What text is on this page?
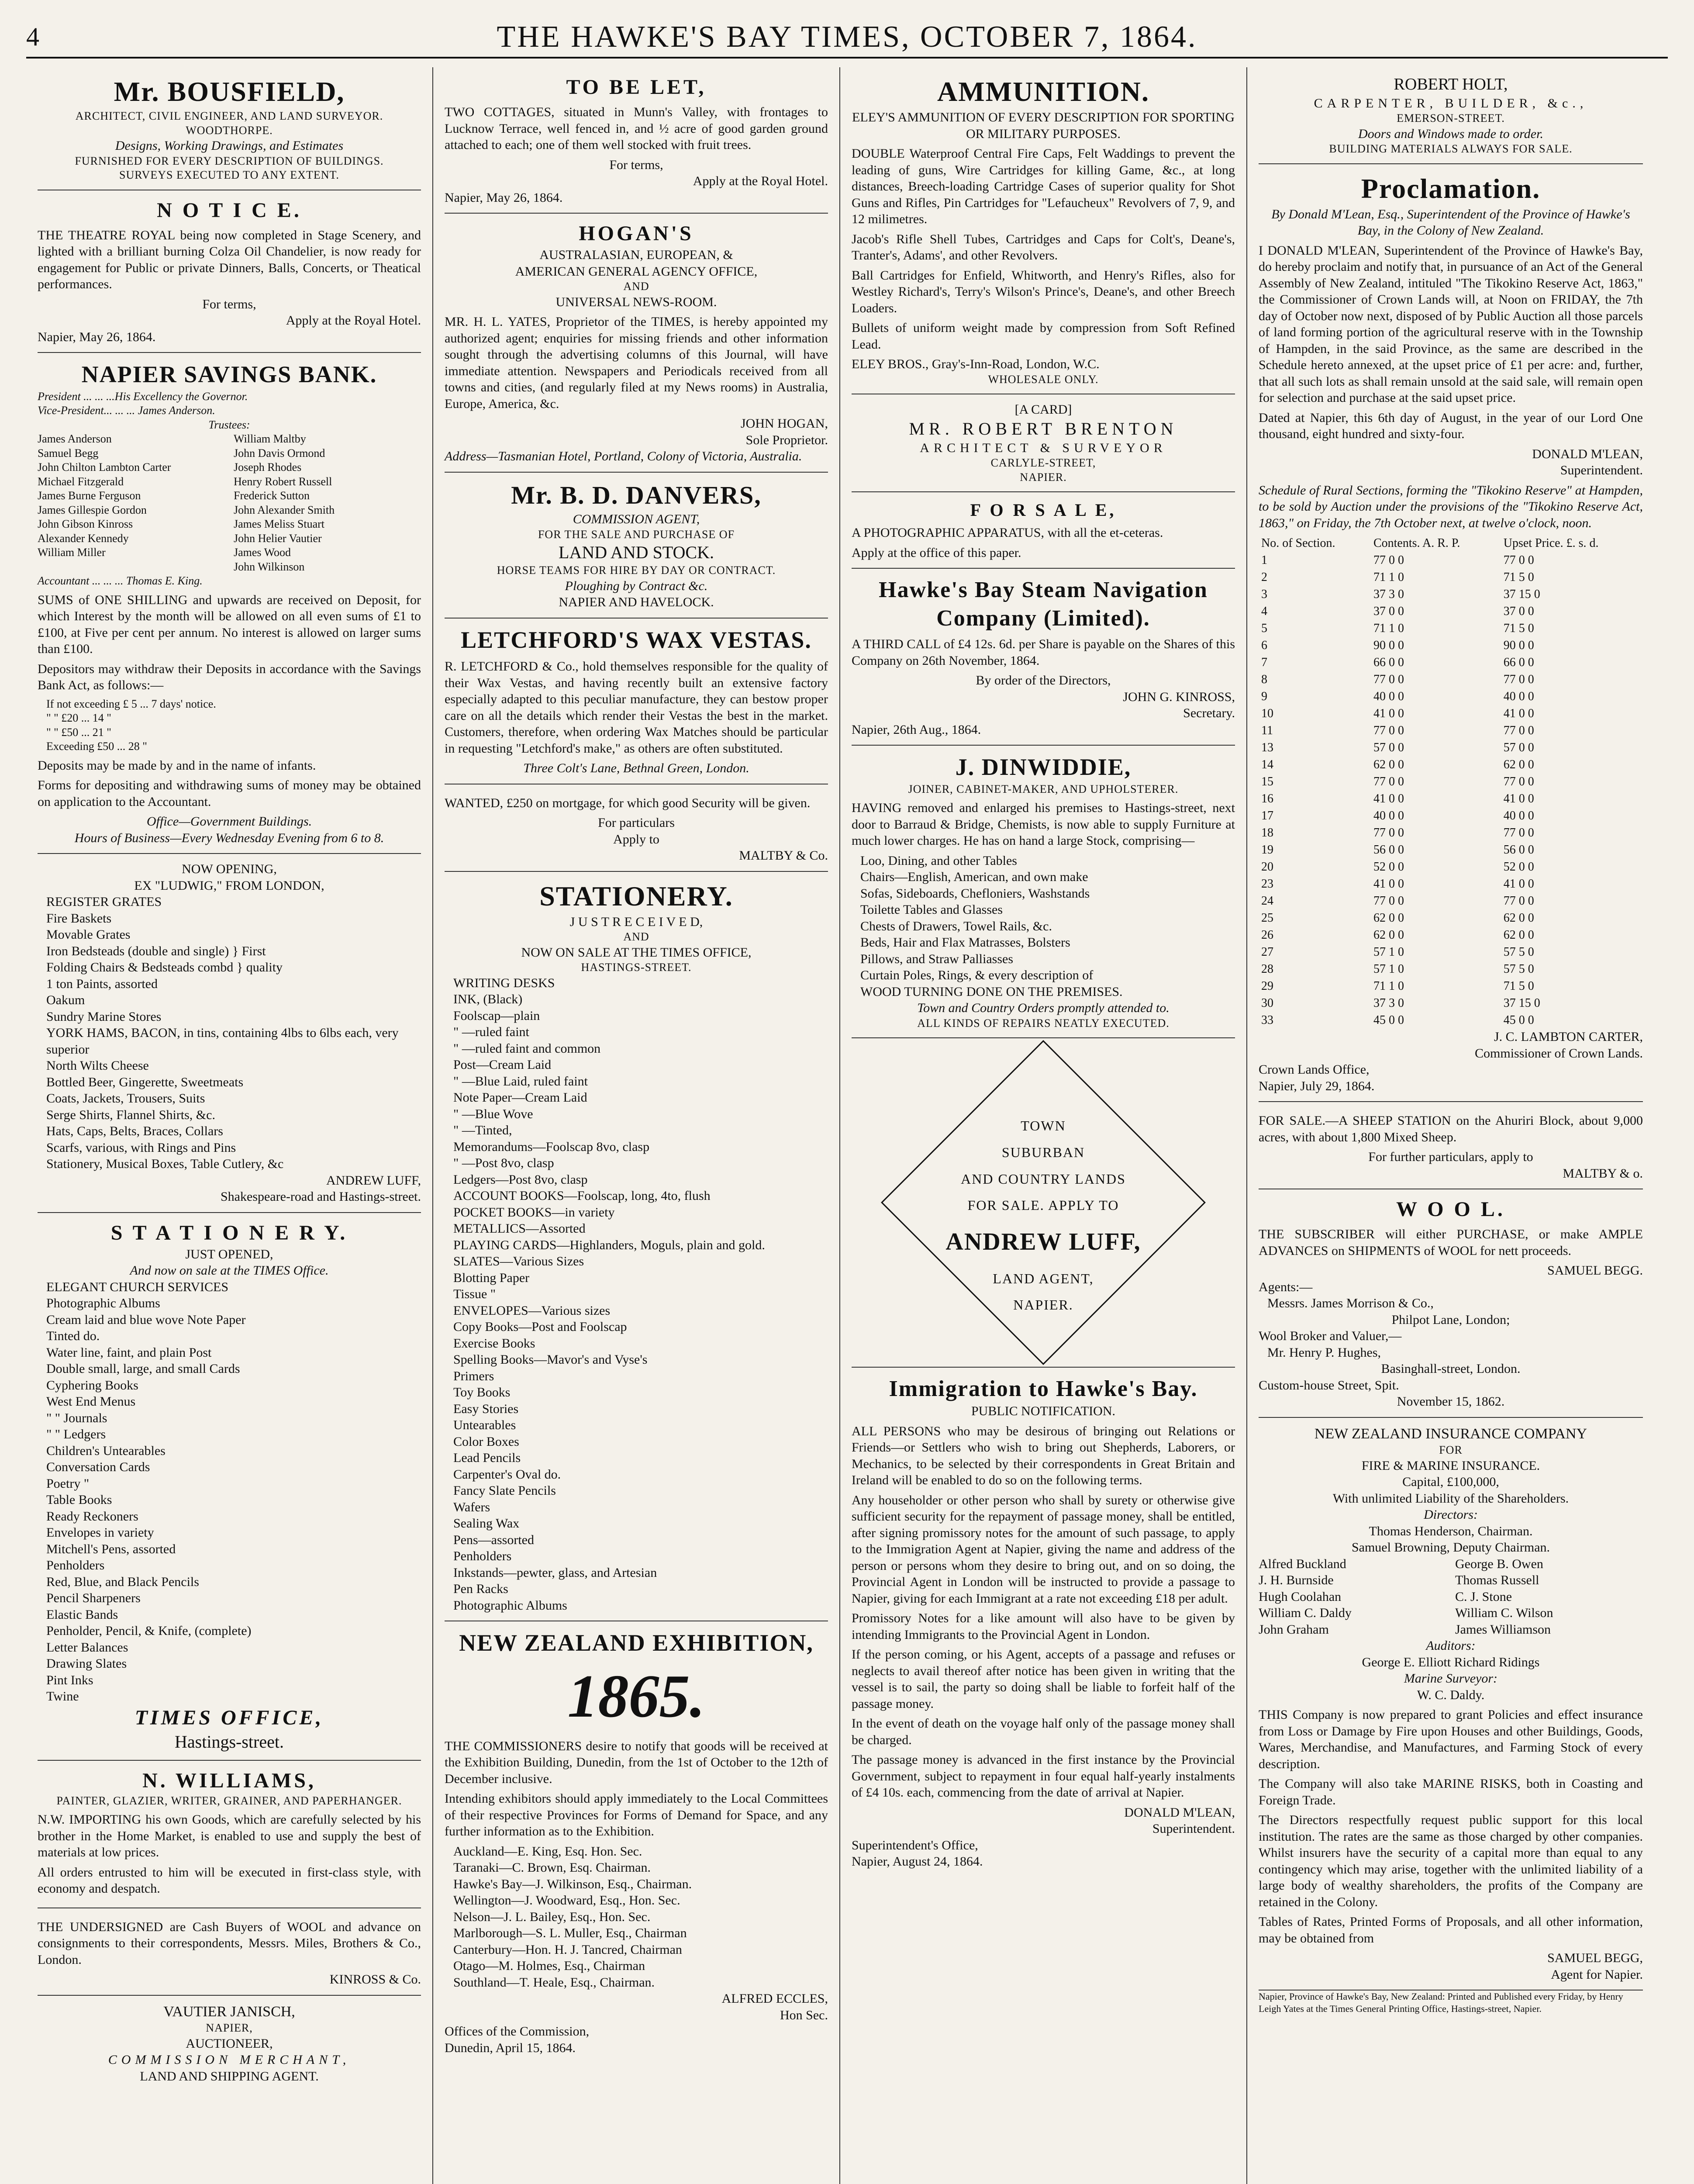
4	THE HAWKE'S BAY TIMES, OCTOBER 7, 1864.
Mr. BOUSFIELD,
ARCHITECT, CIVIL ENGINEER, AND LAND SURVEYOR.
WOODTHORPE.
Designs, Working Drawings, and Estimates
FURNISHED FOR EVERY DESCRIPTION OF BUILDINGS.
SURVEYS EXECUTED TO ANY EXTENT.
N O T I C E.

THE THEATRE ROYAL being now completed in Stage Scenery, and lighted with a brilliant burning Colza Oil Chandelier, is now ready for engagement for Public or private Dinners, Balls, Concerts, or Theatical performances.

For terms,
Apply at the Royal Hotel.
Napier, May 26, 1864.
NAPIER SAVINGS BANK.
President ... ... ...His Excellency the Governor.
Vice-President... ... ... James Anderson.
Trustees:
James Anderson
Samuel Begg
John Chilton Lambton Carter
Michael Fitzgerald
James Burne Ferguson
James Gillespie Gordon
John Gibson Kinross
Alexander Kennedy
William Miller
William Maltby
John Davis Ormond
Joseph Rhodes
Henry Robert Russell
Frederick Sutton
John Alexander Smith
James Meliss Stuart
John Helier Vautier
James Wood
John Wilkinson
Accountant ... ... ... Thomas E. King.

SUMS of ONE SHILLING and upwards are received on Deposit, for which Interest by the month will be allowed on all even sums of £1 to £100, at Five per cent per annum. No interest is allowed on larger sums than £100.

Depositors may withdraw their Deposits in accordance with the Savings Bank Act, as follows:—

If not exceeding £ 5 ... 7 days' notice.
" " £20 ... 14 "
" " £50 ... 21 "
Exceeding £50 ... 28 "

Deposits may be made by and in the name of infants.

Forms for depositing and withdrawing sums of money may be obtained on application to the Accountant.

Office—Government Buildings.
Hours of Business—Every Wednesday Evening from 6 to 8.
NOW OPENING,
EX "LUDWIG," FROM LONDON,
REGISTER GRATES
Fire Baskets
Movable Grates
Iron Bedsteads (double and single) } First
Folding Chairs & Bedsteads combd } quality
1 ton Paints, assorted
Oakum
Sundry Marine Stores
YORK HAMS, BACON, in tins, containing 4lbs to 6lbs each, very superior
North Wilts Cheese
Bottled Beer, Gingerette, Sweetmeats
Coats, Jackets, Trousers, Suits
Serge Shirts, Flannel Shirts, &c.
Hats, Caps, Belts, Braces, Collars
Scarfs, various, with Rings and Pins
Stationery, Musical Boxes, Table Cutlery, &c
ANDREW LUFF,
Shakespeare-road and Hastings-street.
S T A T I O N E R Y.
JUST OPENED,
And now on sale at the TIMES Office.
ELEGANT CHURCH SERVICES
Photographic Albums
Cream laid and blue wove Note Paper
Tinted do.
Water line, faint, and plain Post
Double small, large, and small Cards
Cyphering Books
West End Menus
" " Journals
" " Ledgers
Children's Untearables
Conversation Cards
Poetry "
Table Books
Ready Reckoners
Envelopes in variety
Mitchell's Pens, assorted
Penholders
Red, Blue, and Black Pencils
Pencil Sharpeners
Elastic Bands
Penholder, Pencil, & Knife, (complete)
Letter Balances
Drawing Slates
Pint Inks
Twine
TIMES OFFICE,
Hastings-street.
N. WILLIAMS,
PAINTER, GLAZIER, WRITER, GRAINER, AND PAPERHANGER.

N.W. IMPORTING his own Goods, which are carefully selected by his brother in the Home Market, is enabled to use and supply the best of materials at low prices.

All orders entrusted to him will be executed in first-class style, with economy and despatch.

THE UNDERSIGNED are Cash Buyers of WOOL and advance on consignments to their correspondents, Messrs. Miles, Brothers & Co., London.

KINROSS & Co.
VAUTIER JANISCH,
NAPIER,
AUCTIONEER,
COMMISSION MERCHANT,
LAND AND SHIPPING AGENT.
TO BE LET,

TWO COTTAGES, situated in Munn's Valley, with frontages to Lucknow Terrace, well fenced in, and ½ acre of good garden ground attached to each; one of them well stocked with fruit trees.

For terms,
Apply at the Royal Hotel.
Napier, May 26, 1864.
HOGAN'S
AUSTRALASIAN, EUROPEAN, &
AMERICAN GENERAL AGENCY OFFICE,
AND
UNIVERSAL NEWS-ROOM.

MR. H. L. YATES, Proprietor of the TIMES, is hereby appointed my authorized agent; enquiries for missing friends and other information sought through the advertising columns of this Journal, will have immediate attention. Newspapers and Periodicals received from all towns and cities, (and regularly filed at my News rooms) in Australia, Europe, America, &c.

JOHN HOGAN,
Sole Proprietor.
Address—Tasmanian Hotel, Portland, Colony of Victoria, Australia.
Mr. B. D. DANVERS,
COMMISSION AGENT,
FOR THE SALE AND PURCHASE OF
LAND AND STOCK.
HORSE TEAMS FOR HIRE BY DAY OR CONTRACT.
Ploughing by Contract &c.
NAPIER AND HAVELOCK.
LETCHFORD'S WAX VESTAS.

R. LETCHFORD & Co., hold themselves responsible for the quality of their Wax Vestas, and having recently built an extensive factory especially adapted to this peculiar manufacture, they can bestow proper care on all the details which render their Vestas the best in the market. Customers, therefore, when ordering Wax Matches should be particular in requesting "Letchford's make," as others are often substituted.

Three Colt's Lane, Bethnal Green, London.

WANTED, £250 on mortgage, for which good Security will be given.

For particulars
Apply to
MALTBY & Co.
STATIONERY.
J U S T R E C E I V E D,
AND
NOW ON SALE AT THE TIMES OFFICE,
HASTINGS-STREET.
WRITING DESKS
INK, (Black)
Foolscap—plain
" —ruled faint
" —ruled faint and common
Post—Cream Laid
" —Blue Laid, ruled faint
Note Paper—Cream Laid
" —Blue Wove
" —Tinted,
Memorandums—Foolscap 8vo, clasp
" —Post 8vo, clasp
Ledgers—Post 8vo, clasp
ACCOUNT BOOKS—Foolscap, long, 4to, flush
POCKET BOOKS—in variety
METALLICS—Assorted
PLAYING CARDS—Highlanders, Moguls, plain and gold.
SLATES—Various Sizes
Blotting Paper
Tissue "
ENVELOPES—Various sizes
Copy Books—Post and Foolscap
Exercise Books
Spelling Books—Mavor's and Vyse's
Primers
Toy Books
Easy Stories
Untearables
Color Boxes
Lead Pencils
Carpenter's Oval do.
Fancy Slate Pencils
Wafers
Sealing Wax
Pens—assorted
Penholders
Inkstands—pewter, glass, and Artesian
Pen Racks
Photographic Albums
NEW ZEALAND EXHIBITION,
1865.

THE COMMISSIONERS desire to notify that goods will be received at the Exhibition Building, Dunedin, from the 1st of October to the 12th of December inclusive.

Intending exhibitors should apply immediately to the Local Committees of their respective Provinces for Forms of Demand for Space, and any further information as to the Exhibition.

Auckland—E. King, Esq. Hon. Sec.
Taranaki—C. Brown, Esq. Chairman.
Hawke's Bay—J. Wilkinson, Esq., Chairman.
Wellington—J. Woodward, Esq., Hon. Sec.
Nelson—J. L. Bailey, Esq., Hon. Sec.
Marlborough—S. L. Muller, Esq., Chairman
Canterbury—Hon. H. J. Tancred, Chairman
Otago—M. Holmes, Esq., Chairman
Southland—T. Heale, Esq., Chairman.
ALFRED ECCLES,
Hon Sec.
Offices of the Commission,
Dunedin, April 15, 1864.
AMMUNITION.
ELEY'S AMMUNITION OF EVERY DESCRIPTION FOR SPORTING OR MILITARY PURPOSES.

DOUBLE Waterproof Central Fire Caps, Felt Waddings to prevent the leading of guns, Wire Cartridges for killing Game, &c., at long distances, Breech-loading Cartridge Cases of superior quality for Shot Guns and Rifles, Pin Cartridges for "Lefaucheux" Revolvers of 7, 9, and 12 milimetres.

Jacob's Rifle Shell Tubes, Cartridges and Caps for Colt's, Deane's, Tranter's, Adams', and other Revolvers.

Ball Cartridges for Enfield, Whitworth, and Henry's Rifles, also for Westley Richard's, Terry's Wilson's Prince's, Deane's, and other Breech Loaders.

Bullets of uniform weight made by compression from Soft Refined Lead.

ELEY BROS., Gray's-Inn-Road, London, W.C.
WHOLESALE ONLY.
[A CARD]
MR. ROBERT BRENTON
ARCHITECT & SURVEYOR
CARLYLE-STREET,
NAPIER.
F O R S A L E,

A PHOTOGRAPHIC APPARATUS, with all the et-ceteras.

Apply at the office of this paper.
Hawke's Bay Steam Navigation Company (Limited).

A THIRD CALL of £4 12s. 6d. per Share is payable on the Shares of this Company on 26th November, 1864.

By order of the Directors,
JOHN G. KINROSS,
Secretary.
Napier, 26th Aug., 1864.
J. DINWIDDIE,
JOINER, CABINET-MAKER, AND UPHOLSTERER.

HAVING removed and enlarged his premises to Hastings-street, next door to Barraud & Bridge, Chemists, is now able to supply Furniture at much lower charges. He has on hand a large Stock, comprising—

Loo, Dining, and other Tables
Chairs—English, American, and own make
Sofas, Sideboards, Chefloniers, Washstands
Toilette Tables and Glasses
Chests of Drawers, Towel Rails, &c.
Beds, Hair and Flax Matrasses, Bolsters
Pillows, and Straw Palliasses
Curtain Poles, Rings, & every description of
WOOD TURNING DONE ON THE PREMISES.
Town and Country Orders promptly attended to.
ALL KINDS OF REPAIRS NEATLY EXECUTED.
TOWN
SUBURBAN
AND COUNTRY LANDS
FOR SALE. APPLY TO
ANDREW LUFF,
LAND AGENT,
NAPIER.
Immigration to Hawke's Bay.
PUBLIC NOTIFICATION.

ALL PERSONS who may be desirous of bringing out Relations or Friends—or Settlers who wish to bring out Shepherds, Laborers, or Mechanics, to be selected by their correspondents in Great Britain and Ireland will be enabled to do so on the following terms.

Any householder or other person who shall by surety or otherwise give sufficient security for the repayment of passage money, shall be entitled, after signing promissory notes for the amount of such passage, to apply to the Immigration Agent at Napier, giving the name and address of the person or persons whom they desire to bring out, and on so doing, the Provincial Agent in London will be instructed to provide a passage to Napier, giving for each Immigrant at a rate not exceeding £18 per adult.

Promissory Notes for a like amount will also have to be given by intending Immigrants to the Provincial Agent in London.

If the person coming, or his Agent, accepts of a passage and refuses or neglects to avail thereof after notice has been given in writing that the vessel is to sail, the party so doing shall be liable to forfeit half of the passage money.

In the event of death on the voyage half only of the passage money shall be charged.

The passage money is advanced in the first instance by the Provincial Government, subject to repayment in four equal half-yearly instalments of £4 10s. each, commencing from the date of arrival at Napier.

DONALD M'LEAN,
Superintendent.
Superintendent's Office,
Napier, August 24, 1864.
ROBERT HOLT,
CARPENTER, BUILDER, &c.,
EMERSON-STREET.
Doors and Windows made to order.
BUILDING MATERIALS ALWAYS FOR SALE.
Proclamation.
By Donald M'Lean, Esq., Superintendent of the Province of Hawke's Bay, in the Colony of New Zealand.

I DONALD M'LEAN, Superintendent of the Province of Hawke's Bay, do hereby proclaim and notify that, in pursuance of an Act of the General Assembly of New Zealand, intituled "The Tikokino Reserve Act, 1863," the Commissioner of Crown Lands will, at Noon on FRIDAY, the 7th day of October now next, disposed of by Public Auction all those parcels of land forming portion of the agricultural reserve with in the Township of Hampden, in the said Province, as the same are described in the Schedule hereto annexed, at the upset price of £1 per acre: and, further, that all such lots as shall remain unsold at the said sale, will remain open for selection and purchase at the said upset price.

Dated at Napier, this 6th day of August, in the year of our Lord One thousand, eight hundred and sixty-four.

DONALD M'LEAN,
Superintendent.

Schedule of Rural Sections, forming the "Tikokino Reserve" at Hampden, to be sold by Auction under the provisions of the "Tikokino Reserve Act, 1863," on Friday, the 7th October next, at twelve o'clock, noon.

No. of Section.	Contents. A. R. P.	Upset Price. £. s. d.
1	77 0 0	77 0 0
2	71 1 0	71 5 0
3	37 3 0	37 15 0
4	37 0 0	37 0 0
5	71 1 0	71 5 0
6	90 0 0	90 0 0
7	66 0 0	66 0 0
8	77 0 0	77 0 0
9	40 0 0	40 0 0
10	41 0 0	41 0 0
11	77 0 0	77 0 0
13	57 0 0	57 0 0
14	62 0 0	62 0 0
15	77 0 0	77 0 0
16	41 0 0	41 0 0
17	40 0 0	40 0 0
18	77 0 0	77 0 0
19	56 0 0	56 0 0
20	52 0 0	52 0 0
23	41 0 0	41 0 0
24	77 0 0	77 0 0
25	62 0 0	62 0 0
26	62 0 0	62 0 0
27	57 1 0	57 5 0
28	57 1 0	57 5 0
29	71 1 0	71 5 0
30	37 3 0	37 15 0
33	45 0 0	45 0 0
J. C. LAMBTON CARTER,
Commissioner of Crown Lands.
Crown Lands Office,
Napier, July 29, 1864.

FOR SALE.—A SHEEP STATION on the Ahuriri Block, about 9,000 acres, with about 1,800 Mixed Sheep.

For further particulars, apply to
MALTBY & o.
W O O L.

THE SUBSCRIBER will either PURCHASE, or make AMPLE ADVANCES on SHIPMENTS of WOOL for nett proceeds.

SAMUEL BEGG.
Agents:—
Messrs. James Morrison & Co.,
Philpot Lane, London;
Wool Broker and Valuer,—
Mr. Henry P. Hughes,
Basinghall-street, London.
Custom-house Street, Spit.
November 15, 1862.
NEW ZEALAND INSURANCE COMPANY
FOR
FIRE & MARINE INSURANCE.
Capital, £100,000,
With unlimited Liability of the Shareholders.
Directors:
Thomas Henderson, Chairman.
Samuel Browning, Deputy Chairman.
Alfred Buckland
J. H. Burnside
Hugh Coolahan
William C. Daldy
John Graham
George B. Owen
Thomas Russell
C. J. Stone
William C. Wilson
James Williamson
Auditors:
George E. Elliott Richard Ridings
Marine Surveyor:
W. C. Daldy.

THIS Company is now prepared to grant Policies and effect insurance from Loss or Damage by Fire upon Houses and other Buildings, Goods, Wares, Merchandise, and Manufactures, and Farming Stock of every description.

The Company will also take MARINE RISKS, both in Coasting and Foreign Trade.

The Directors respectfully request public support for this local institution. The rates are the same as those charged by other companies. Whilst insurers have the security of a capital more than equal to any contingency which may arise, together with the unlimited liability of a large body of wealthy shareholders, the profits of the Company are retained in the Colony.

Tables of Rates, Printed Forms of Proposals, and all other information, may be obtained from

SAMUEL BEGG,
Agent for Napier.
Napier, Province of Hawke's Bay, New Zealand: Printed and Published every Friday, by Henry Leigh Yates at the Times General Printing Office, Hastings-street, Napier.
